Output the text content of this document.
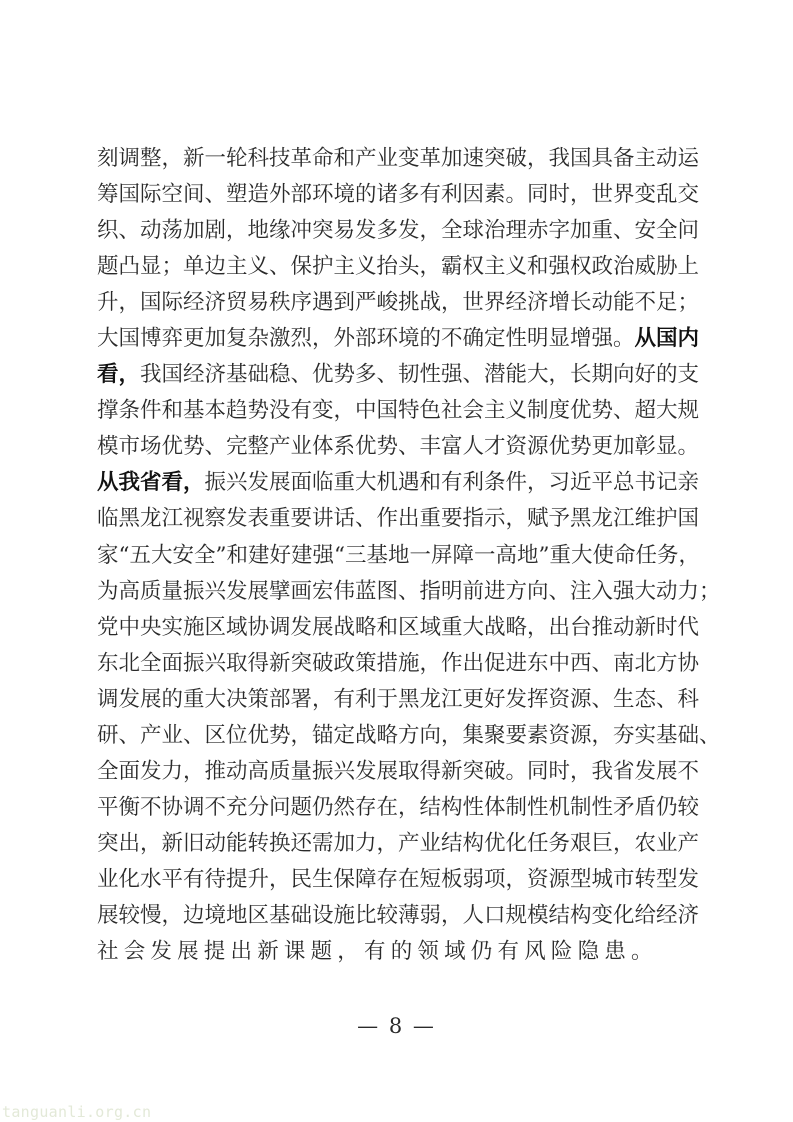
刻调整，新一轮科技革命和产业变革加速突破，我国具备主动运
筹国际空间、塑造外部环境的诸多有利因素。同时，世界变乱交
织、动荡加剧，地缘冲突易发多发，全球治理赤字加重、安全问
题凸显；单边主义、保护主义抬头，霸权主义和强权政治威胁上
升，国际经济贸易秩序遇到严峻挑战，世界经济增长动能不足；
大国博弈更加复杂激烈，外部环境的不确定性明显增强。从国内
看，我国经济基础稳、优势多、韧性强、潜能大，长期向好的支
撑条件和基本趋势没有变，中国特色社会主义制度优势、超大规
模市场优势、完整产业体系优势、丰富人才资源优势更加彰显。
从我省看，振兴发展面临重大机遇和有利条件，习近平总书记亲
临黑龙江视察发表重要讲话、作出重要指示，赋予黑龙江维护国
家“五大安全”和建好建强“三基地一屏障一高地”重大使命任务，
为高质量振兴发展擘画宏伟蓝图、指明前进方向、注入强大动力；
党中央实施区域协调发展战略和区域重大战略，出台推动新时代
东北全面振兴取得新突破政策措施，作出促进东中西、南北方协
调发展的重大决策部署，有利于黑龙江更好发挥资源、生态、科
研、产业、区位优势，锚定战略方向，集聚要素资源，夯实基础、
全面发力，推动高质量振兴发展取得新突破。同时，我省发展不
平衡不协调不充分问题仍然存在，结构性体制性机制性矛盾仍较
突出，新旧动能转换还需加力，产业结构优化任务艰巨，农业产
业化水平有待提升，民生保障存在短板弱项，资源型城市转型发
展较慢，边境地区基础设施比较薄弱，人口规模结构变化给经济
社会发展提出新课题，有的领域仍有风险隐患。
— 8 —
tanguanli.org.cn
